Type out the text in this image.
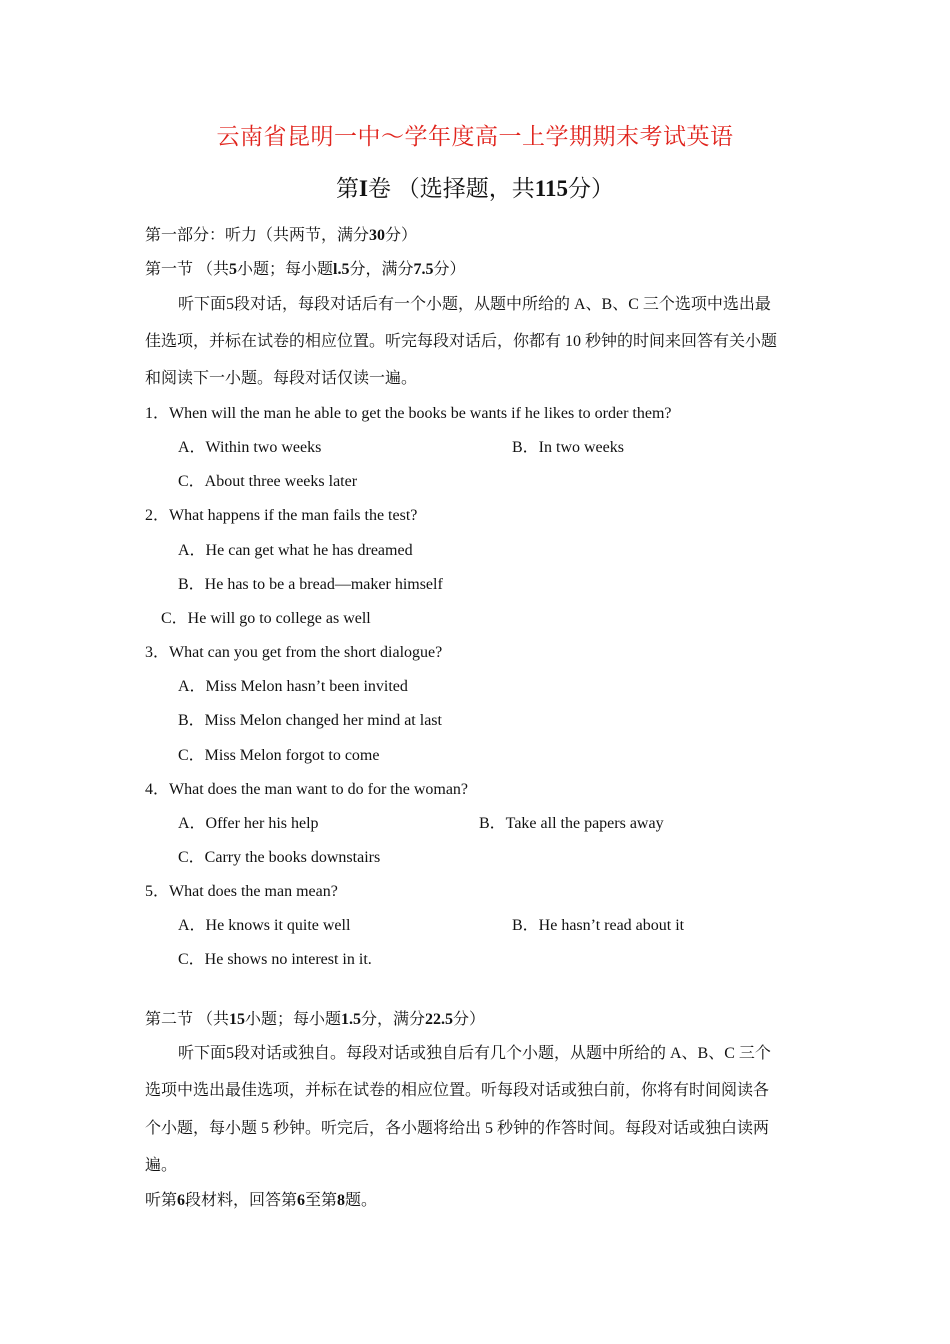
云南省昆明一中～学年度高一上学期期末考试英语
第I卷 （选择题，共115分）
第一部分：听力（共两节，满分30分）
第一节 （共5小题；每小题l.5分，满分7.5分）
听下面5段对话，每段对话后有一个小题，从题中所给的 A、B、C 三个选项中选出最
佳选项，并标在试卷的相应位置。听完每段对话后，你都有 10 秒钟的时间来回答有关小题
和阅读下一小题。每段对话仅读一遍。
1．When will the man he able to get the books be wants if he likes to order them?
A．Within two weeks	B．In two weeks
C．About three weeks later
2．What happens if the man fails the test?
A．He can get what he has dreamed
B．He has to be a bread—maker himself
C．He will go to college as well
3．What can you get from the short dialogue?
A．Miss Melon hasn’t been invited
B．Miss Melon changed her mind at last
C．Miss Melon forgot to come
4．What does the man want to do for the woman?
A．Offer her his help	B．Take all the papers away
C．Carry the books downstairs
5．What does the man mean?
A．He knows it quite well	B．He hasn’t read about it
C．He shows no interest in it.
第二节 （共15小题；每小题1.5分，满分22.5分）
听下面5段对话或独自。每段对话或独自后有几个小题，从题中所给的 A、B、C 三个
选项中选出最佳选项，并标在试卷的相应位置。听每段对话或独白前，你将有时间阅读各
个小题，每小题 5 秒钟。听完后，各小题将给出 5 秒钟的作答时间。每段对话或独白读两
遍。
听第6段材料，回答第6至第8题。
